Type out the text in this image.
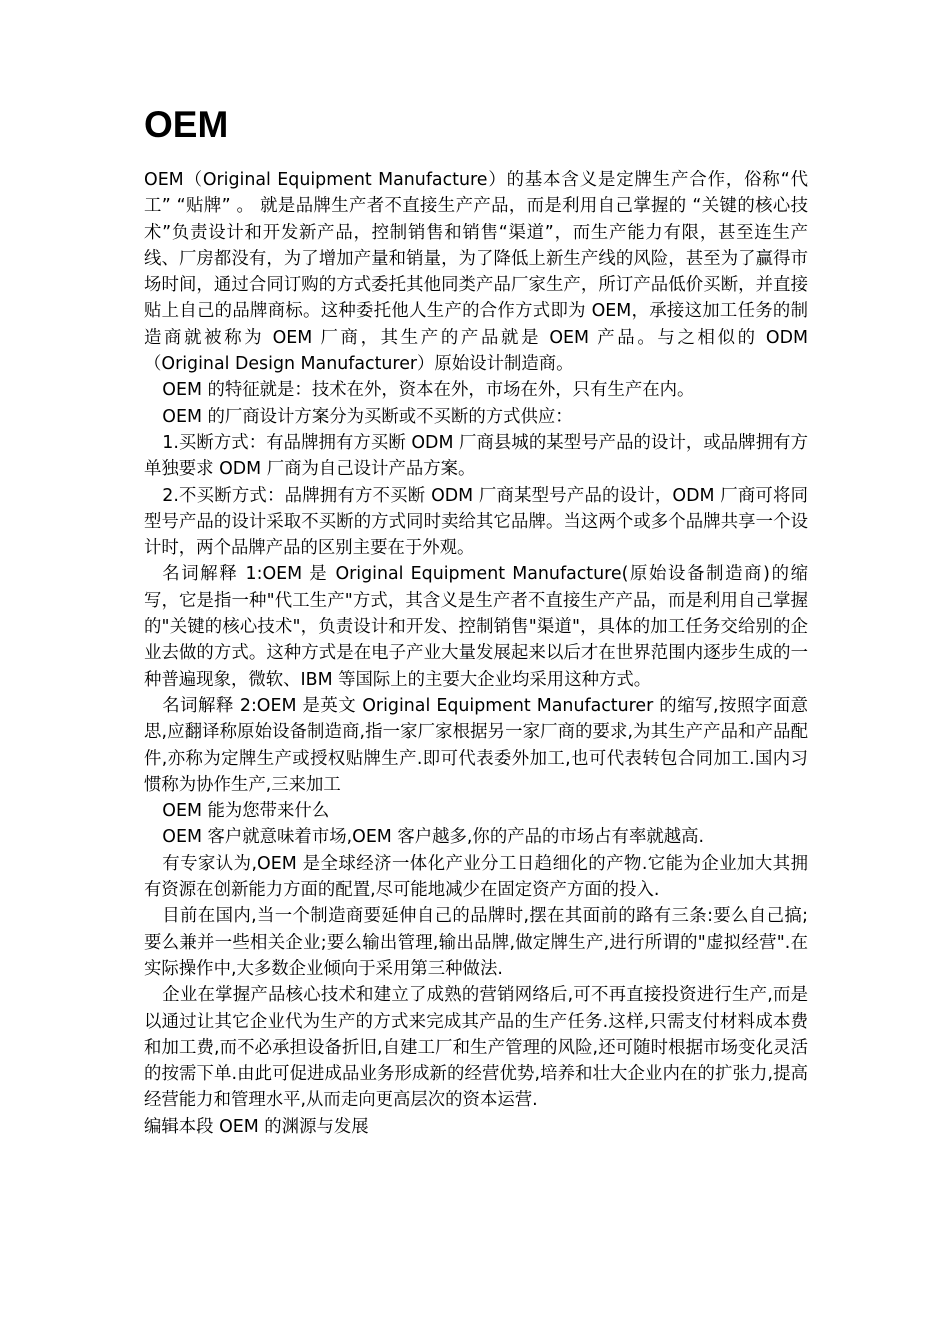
OEM

OEM（Original Equipment Manufacture）的基本含义是定牌生产合作，俗称“代工” “贴牌” 。 就是品牌生产者不直接生产产品，而是利用自己掌握的 “关键的核心技术”负责设计和开发新产品，控制销售和销售“渠道”，而生产能力有限，甚至连生产线、厂房都没有，为了增加产量和销量，为了降低上新生产线的风险，甚至为了赢得市场时间，通过合同订购的方式委托其他同类产品厂家生产，所订产品低价买断，并直接贴上自己的品牌商标。这种委托他人生产的合作方式即为 OEM，承接这加工任务的制造商就被称为 OEM 厂商，其生产的产品就是 OEM 产品。与之相似的 ODM（Original Design Manufacturer）原始设计制造商。

OEM 的特征就是：技术在外，资本在外，市场在外，只有生产在内。

OEM 的厂商设计方案分为买断或不买断的方式供应：

1.买断方式：有品牌拥有方买断 ODM 厂商县城的某型号产品的设计，或品牌拥有方单独要求 ODM 厂商为自己设计产品方案。

2.不买断方式：品牌拥有方不买断 ODM 厂商某型号产品的设计，ODM 厂商可将同型号产品的设计采取不买断的方式同时卖给其它品牌。当这两个或多个品牌共享一个设计时，两个品牌产品的区别主要在于外观。

名词解释 1:OEM 是 Original Equipment Manufacture(原始设备制造商)的缩写，它是指一种"代工生产"方式，其含义是生产者不直接生产产品，而是利用自己掌握的"关键的核心技术"，负责设计和开发、控制销售"渠道"，具体的加工任务交给别的企业去做的方式。这种方式是在电子产业大量发展起来以后才在世界范围内逐步生成的一种普遍现象，微软、IBM 等国际上的主要大企业均采用这种方式。

名词解释 2:OEM 是英文 Original Equipment Manufacturer 的缩写,按照字面意思,应翻译称原始设备制造商,指一家厂家根据另一家厂商的要求,为其生产产品和产品配件,亦称为定牌生产或授权贴牌生产.即可代表委外加工,也可代表转包合同加工.国内习惯称为协作生产,三来加工

OEM 能为您带来什么

OEM 客户就意味着市场,OEM 客户越多,你的产品的市场占有率就越高.

有专家认为,OEM 是全球经济一体化产业分工日趋细化的产物.它能为企业加大其拥有资源在创新能力方面的配置,尽可能地减少在固定资产方面的投入.

目前在国内,当一个制造商要延伸自己的品牌时,摆在其面前的路有三条:要么自己搞;要么兼并一些相关企业;要么输出管理,输出品牌,做定牌生产,进行所谓的"虚拟经营".在实际操作中,大多数企业倾向于采用第三种做法.

企业在掌握产品核心技术和建立了成熟的营销网络后,可不再直接投资进行生产,而是以通过让其它企业代为生产的方式来完成其产品的生产任务.这样,只需支付材料成本费和加工费,而不必承担设备折旧,自建工厂和生产管理的风险,还可随时根据市场变化灵活的按需下单.由此可促进成品业务形成新的经营优势,培养和壮大企业内在的扩张力,提高经营能力和管理水平,从而走向更高层次的资本运营.

编辑本段 OEM 的渊源与发展
